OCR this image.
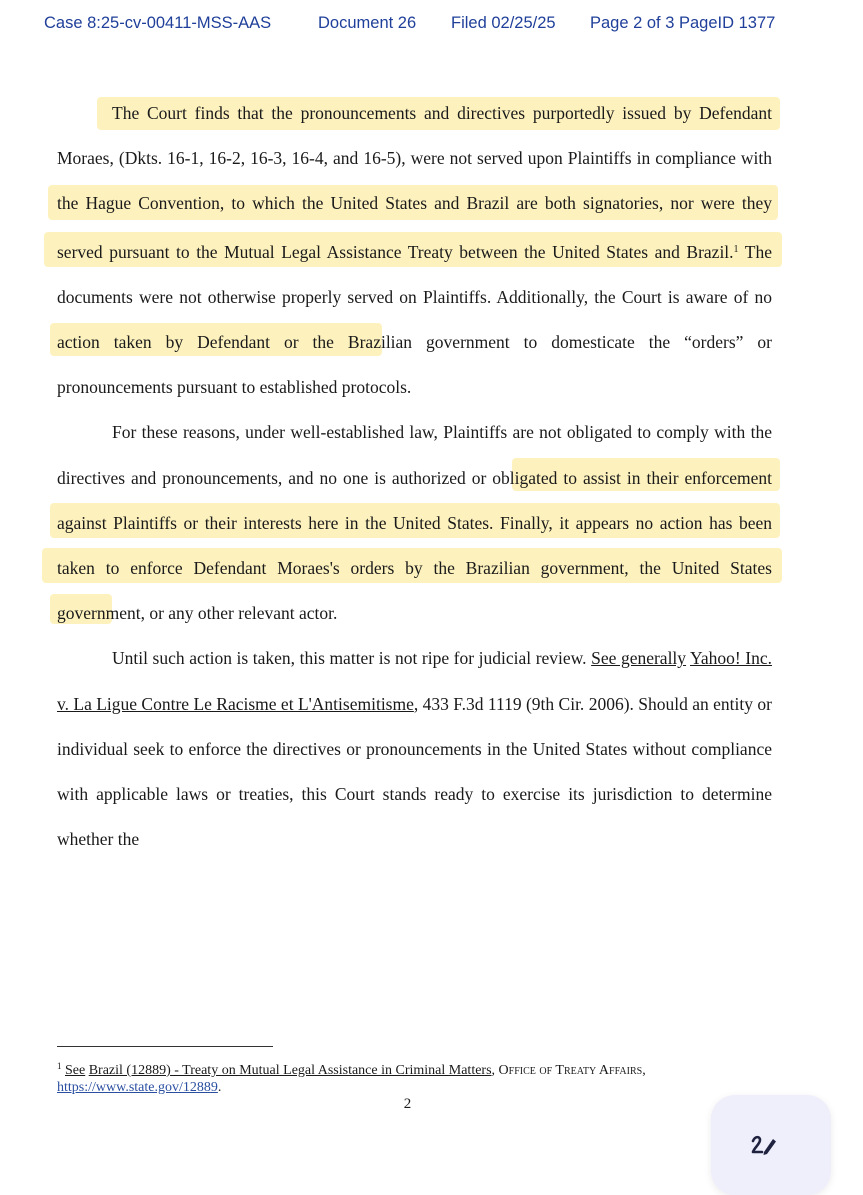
Case 8:25-cv-00411-MSS-AAS	Document 26 Filed 02/25/25 Page 2 of 3 PageID 1377

The Court finds that the pronouncements and directives purportedly issued by Defendant Moraes, (Dkts. 16-1, 16-2, 16-3, 16-4, and 16-5), were not served upon Plaintiffs in compliance with the Hague Convention, to which the United States and Brazil are both signatories, nor were they served pursuant to the Mutual Legal Assistance Treaty between the United States and Brazil.$^1$ The documents were not otherwise properly served on Plaintiffs. Additionally, the Court is aware of no action taken by Defendant or the Brazilian government to domesticate the “orders” or pronouncements pursuant to established protocols.

For these reasons, under well-established law, Plaintiffs are not obligated to comply with the directives and pronouncements, and no one is authorized or obligated to assist in their enforcement against Plaintiffs or their interests here in the United States. Finally, it appears no action has been taken to enforce Defendant Moraes's orders by the Brazilian government, the United States government, or any other relevant actor.

Until such action is taken, this matter is not ripe for judicial review. See generally Yahoo! Inc. v. La Ligue Contre Le Racisme et L'Antisemitisme, 433 F.3d 1119 (9th Cir. 2006). Should an entity or individual seek to enforce the directives or pronouncements in the United States without compliance with applicable laws or treaties, this Court stands ready to exercise its jurisdiction to determine whether the

$^1$ See Brazil (12889) - Treaty on Mutual Legal Assistance in Criminal Matters, Office of Treaty Affairs, https://www.state.gov/12889.
2
